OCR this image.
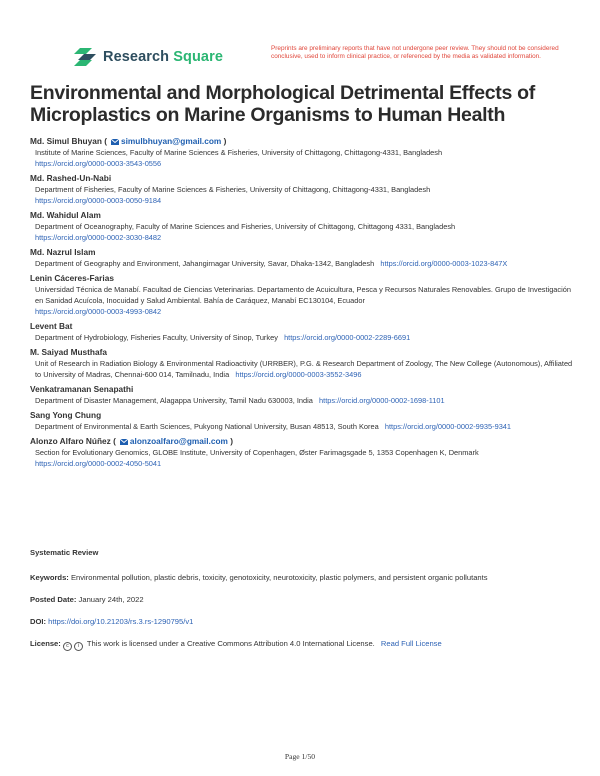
Research Square
Preprints are preliminary reports that have not undergone peer review. They should not be considered conclusive, used to inform clinical practice, or referenced by the media as validated information.
Environmental and Morphological Detrimental Effects of Microplastics on Marine Organisms to Human Health
Md. Simul Bhuyan ( simulbhuyan@gmail.com )
Institute of Marine Sciences, Faculty of Marine Sciences & Fisheries, University of Chittagong, Chittagong-4331, Bangladesh
https://orcid.org/0000-0003-3543-0556
Md. Rashed-Un-Nabi
Department of Fisheries, Faculty of Marine Sciences & Fisheries, University of Chittagong, Chittagong-4331, Bangladesh
https://orcid.org/0000-0003-0050-9184
Md. Wahidul Alam
Department of Oceanography, Faculty of Marine Sciences and Fisheries, University of Chittagong, Chittagong 4331, Bangladesh
https://orcid.org/0000-0002-3030-8482
Md. Nazrul Islam
Department of Geography and Environment, Jahangirnagar University, Savar, Dhaka-1342, Bangladesh https://orcid.org/0000-0003-1023-847X
Lenin Cáceres-Farias
Universidad Técnica de Manabí. Facultad de Ciencias Veterinarias. Departamento de Acuicultura, Pesca y Recursos Naturales Renovables. Grupo de Investigación en Sanidad Acuícola, Inocuidad y Salud Ambiental. Bahía de Caráquez, Manabí EC130104, Ecuador
https://orcid.org/0000-0003-4993-0842
Levent Bat
Department of Hydrobiology, Fisheries Faculty, University of Sinop, Turkey https://orcid.org/0000-0002-2289-6691
M. Saiyad Musthafa
Unit of Research in Radiation Biology & Environmental Radioactivity (URRBER), P.G. & Research Department of Zoology, The New College (Autonomous), Affiliated to University of Madras, Chennai-600 014, Tamilnadu, India https://orcid.org/0000-0003-3552-3496
Venkatramanan Senapathi
Department of Disaster Management, Alagappa University, Tamil Nadu 630003, India https://orcid.org/0000-0002-1698-1101
Sang Yong Chung
Department of Environmental & Earth Sciences, Pukyong National University, Busan 48513, South Korea https://orcid.org/0000-0002-9935-9341
Alonzo Alfaro Núñez ( alonzoalfaro@gmail.com )
Section for Evolutionary Genomics, GLOBE Institute, University of Copenhagen, Øster Farimagsgade 5, 1353 Copenhagen K, Denmark
https://orcid.org/0000-0002-4050-5041
Systematic Review
Keywords: Environmental pollution, plastic debris, toxicity, genotoxicity, neurotoxicity, plastic polymers, and persistent organic pollutants
Posted Date: January 24th, 2022
DOI: https://doi.org/10.21203/rs.3.rs-1290795/v1
License: c i This work is licensed under a Creative Commons Attribution 4.0 International License. Read Full License
Page 1/50
